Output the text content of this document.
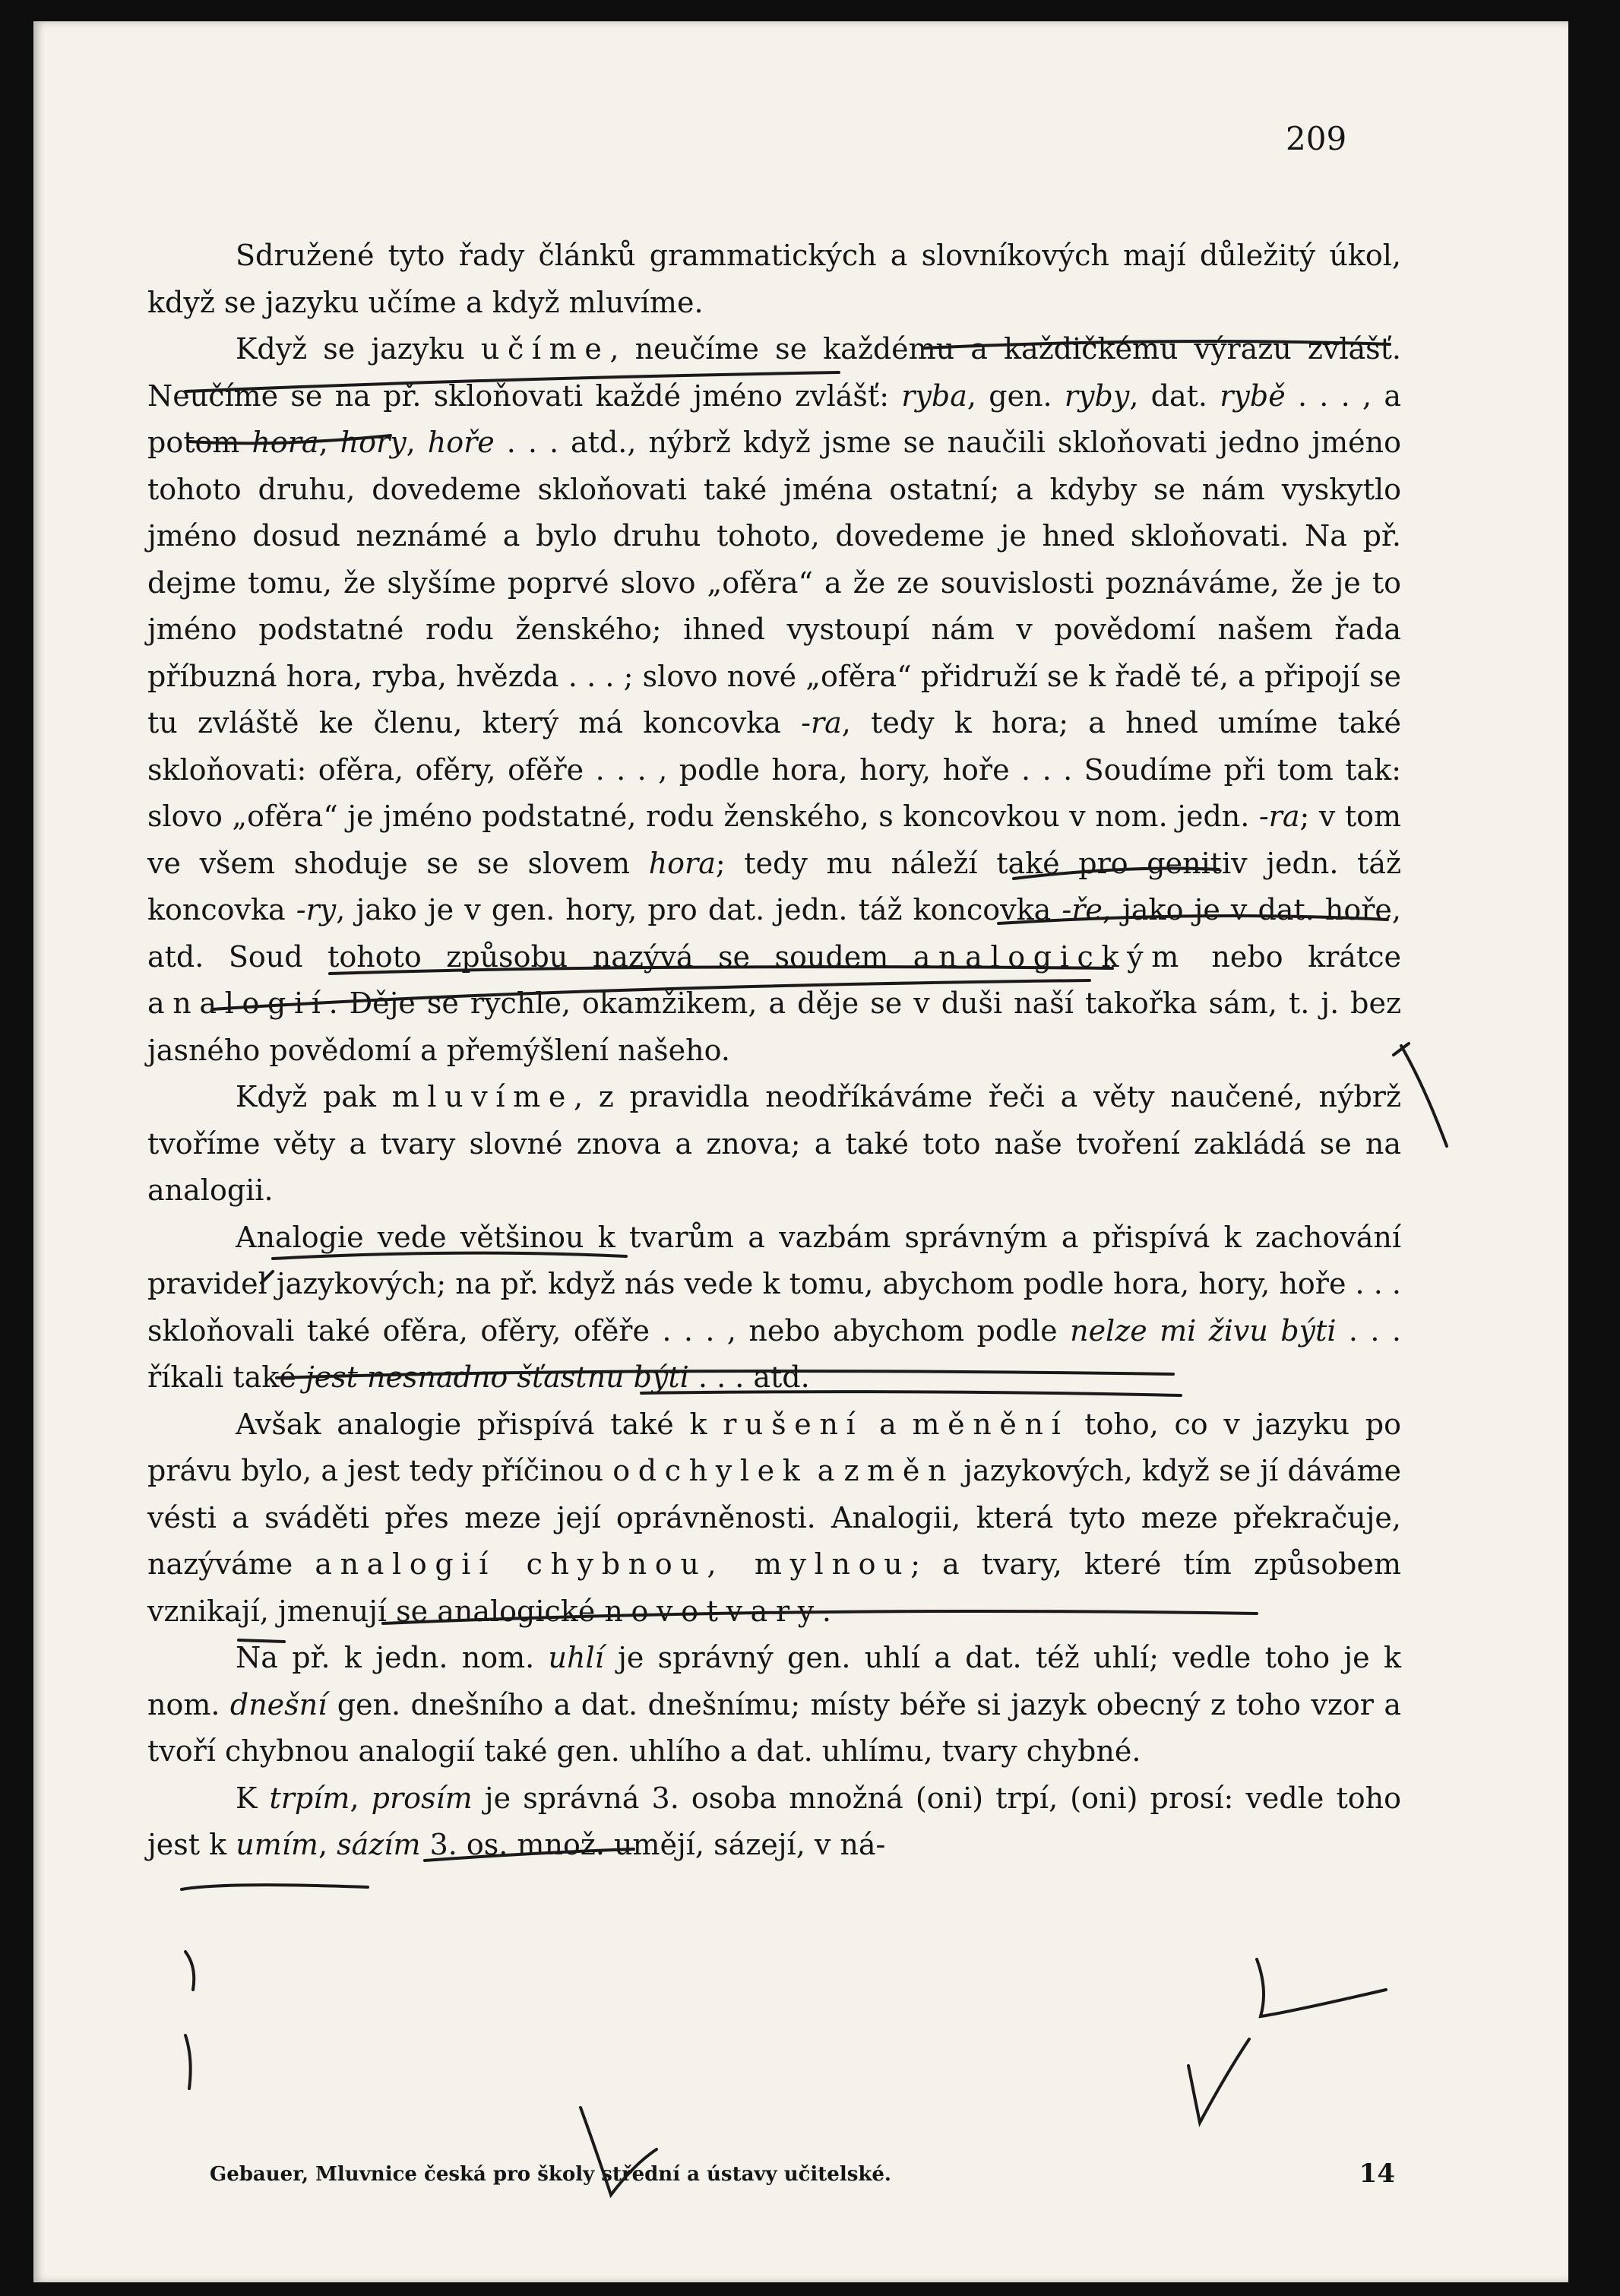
209

Sdružené tyto řady článků grammatických a slovníkových mají důležitý úkol, když se jazyku učíme a když mluvíme.

Když se jazyku učíme, neučíme se každému a každičkému výrazu zvlášť. Neučíme se na př. skloňovati každé jméno zvlášť: ryba, gen. ryby, dat. rybě . . . , a potom hora, hory, hoře . . . atd., nýbrž když jsme se naučili skloňovati jedno jméno tohoto druhu, dovedeme skloňovati také jména ostatní; a kdyby se nám vyskytlo jméno dosud neznámé a bylo druhu tohoto, dovedeme je hned skloňovati. Na př. dejme tomu, že slyšíme poprvé slovo „ofěra“ a že ze souvislosti poznáváme, že je to jméno podstatné rodu ženského; ihned vystoupí nám v povědomí našem řada příbuzná hora, ryba, hvězda . . . ; slovo nové „ofěra“ přidruží se k řadě té, a připojí se tu zvláště ke členu, který má koncovka -ra, tedy k hora; a hned umíme také skloňovati: ofěra, ofěry, ofěře . . . , podle hora, hory, hoře . . . Soudíme při tom tak: slovo „ofěra“ je jméno podstatné, rodu ženského, s koncovkou v nom. jedn. -ra; v tom ve všem shoduje se se slovem hora; tedy mu náleží také pro genitiv jedn. táž koncovka -ry, jako je v gen. hory, pro dat. jedn. táž koncovka -ře, jako je v dat. hoře, atd. Soud tohoto způsobu nazývá se soudem analogickým nebo krátce analogií. Děje se rychle, okamžikem, a děje se v duši naší takořka sám, t. j. bez jasného povědomí a přemýšlení našeho.

Když pak mluvíme, z pravidla neodříkáváme řeči a věty naučené, nýbrž tvoříme věty a tvary slovné znova a znova; a také toto naše tvoření zakládá se na analogii.

Analogie vede většinou k tvarům a vazbám správným a přispívá k zachování pravidel jazykových; na př. když nás vede k tomu, abychom podle hora, hory, hoře . . . skloňovali také ofěra, ofěry, ofěře . . . , nebo abychom podle nelze mi živu býti . . . říkali také jest nesnadno šťastnu býti . . . atd.

Avšak analogie přispívá také k rušení a měnění toho, co v jazyku po právu bylo, a jest tedy příčinou odchylek a změn jazykových, když se jí dáváme vésti a sváděti přes meze její oprávněnosti. Analogii, která tyto meze překračuje, nazýváme analogií chybnou, mylnou; a tvary, které tím způsobem vznikají, jmenují se analogické novotvary.

Na př. k jedn. nom. uhlí je správný gen. uhlí a dat. též uhlí; vedle toho je k nom. dnešní gen. dnešního a dat. dnešnímu; místy béře si jazyk obecný z toho vzor a tvoří chybnou analogií také gen. uhlího a dat. uhlímu, tvary chybné.

K trpím, prosím je správná 3. osoba množná (oni) trpí, (oni) prosí: vedle toho jest k umím, sázím 3. os. množ. umějí, sázejí, v ná-

Gebauer, Mluvnice česká pro školy střední a ústavy učitelské.	14
